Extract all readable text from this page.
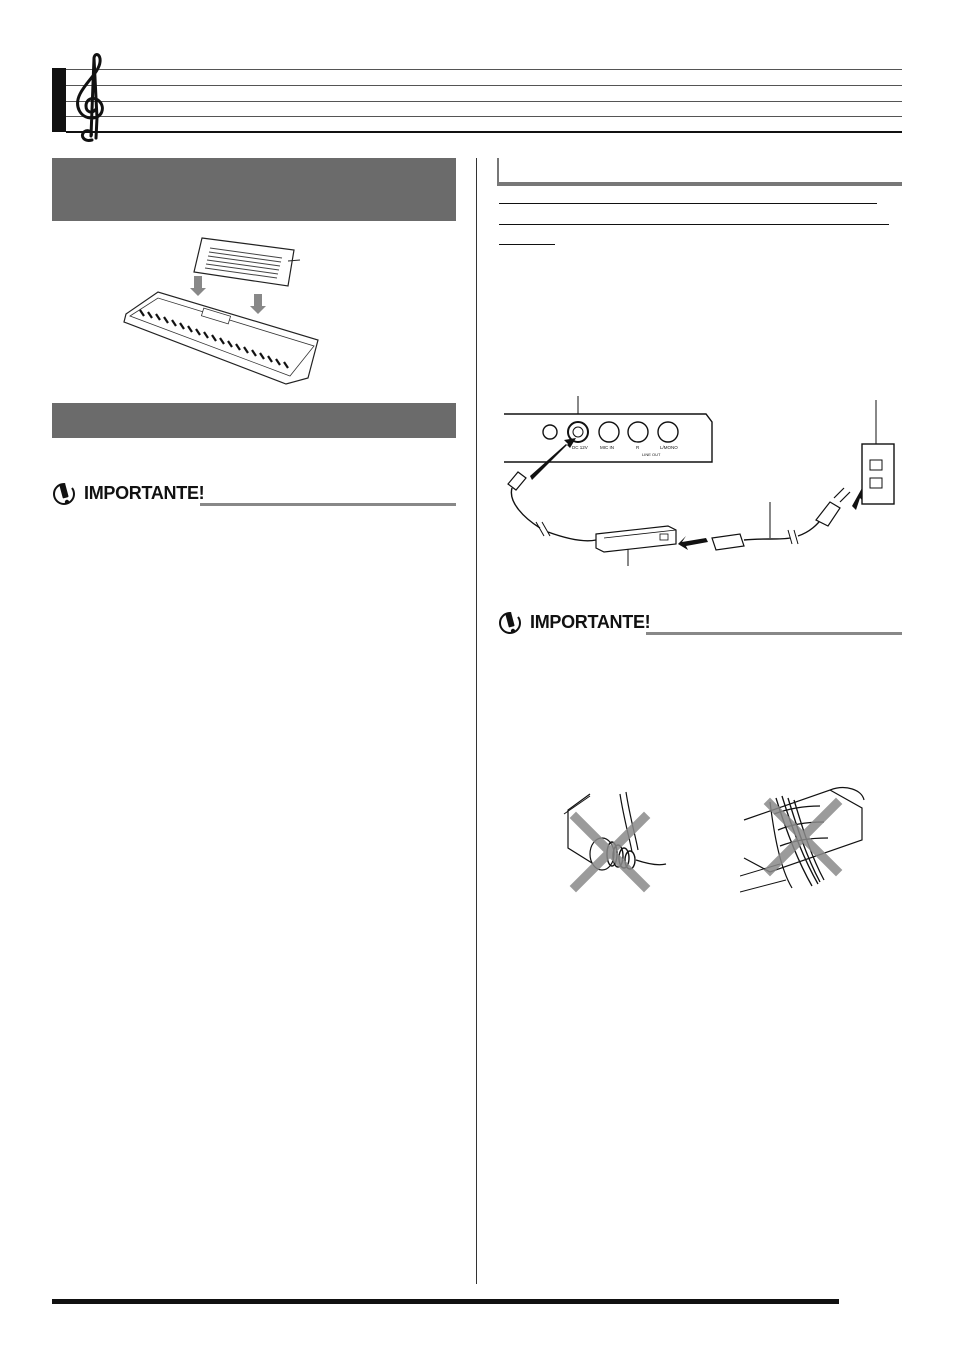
IMPORTANTE!
DC 12V	MIC IN	R	L/MONO
LINE OUT
IMPORTANTE!
